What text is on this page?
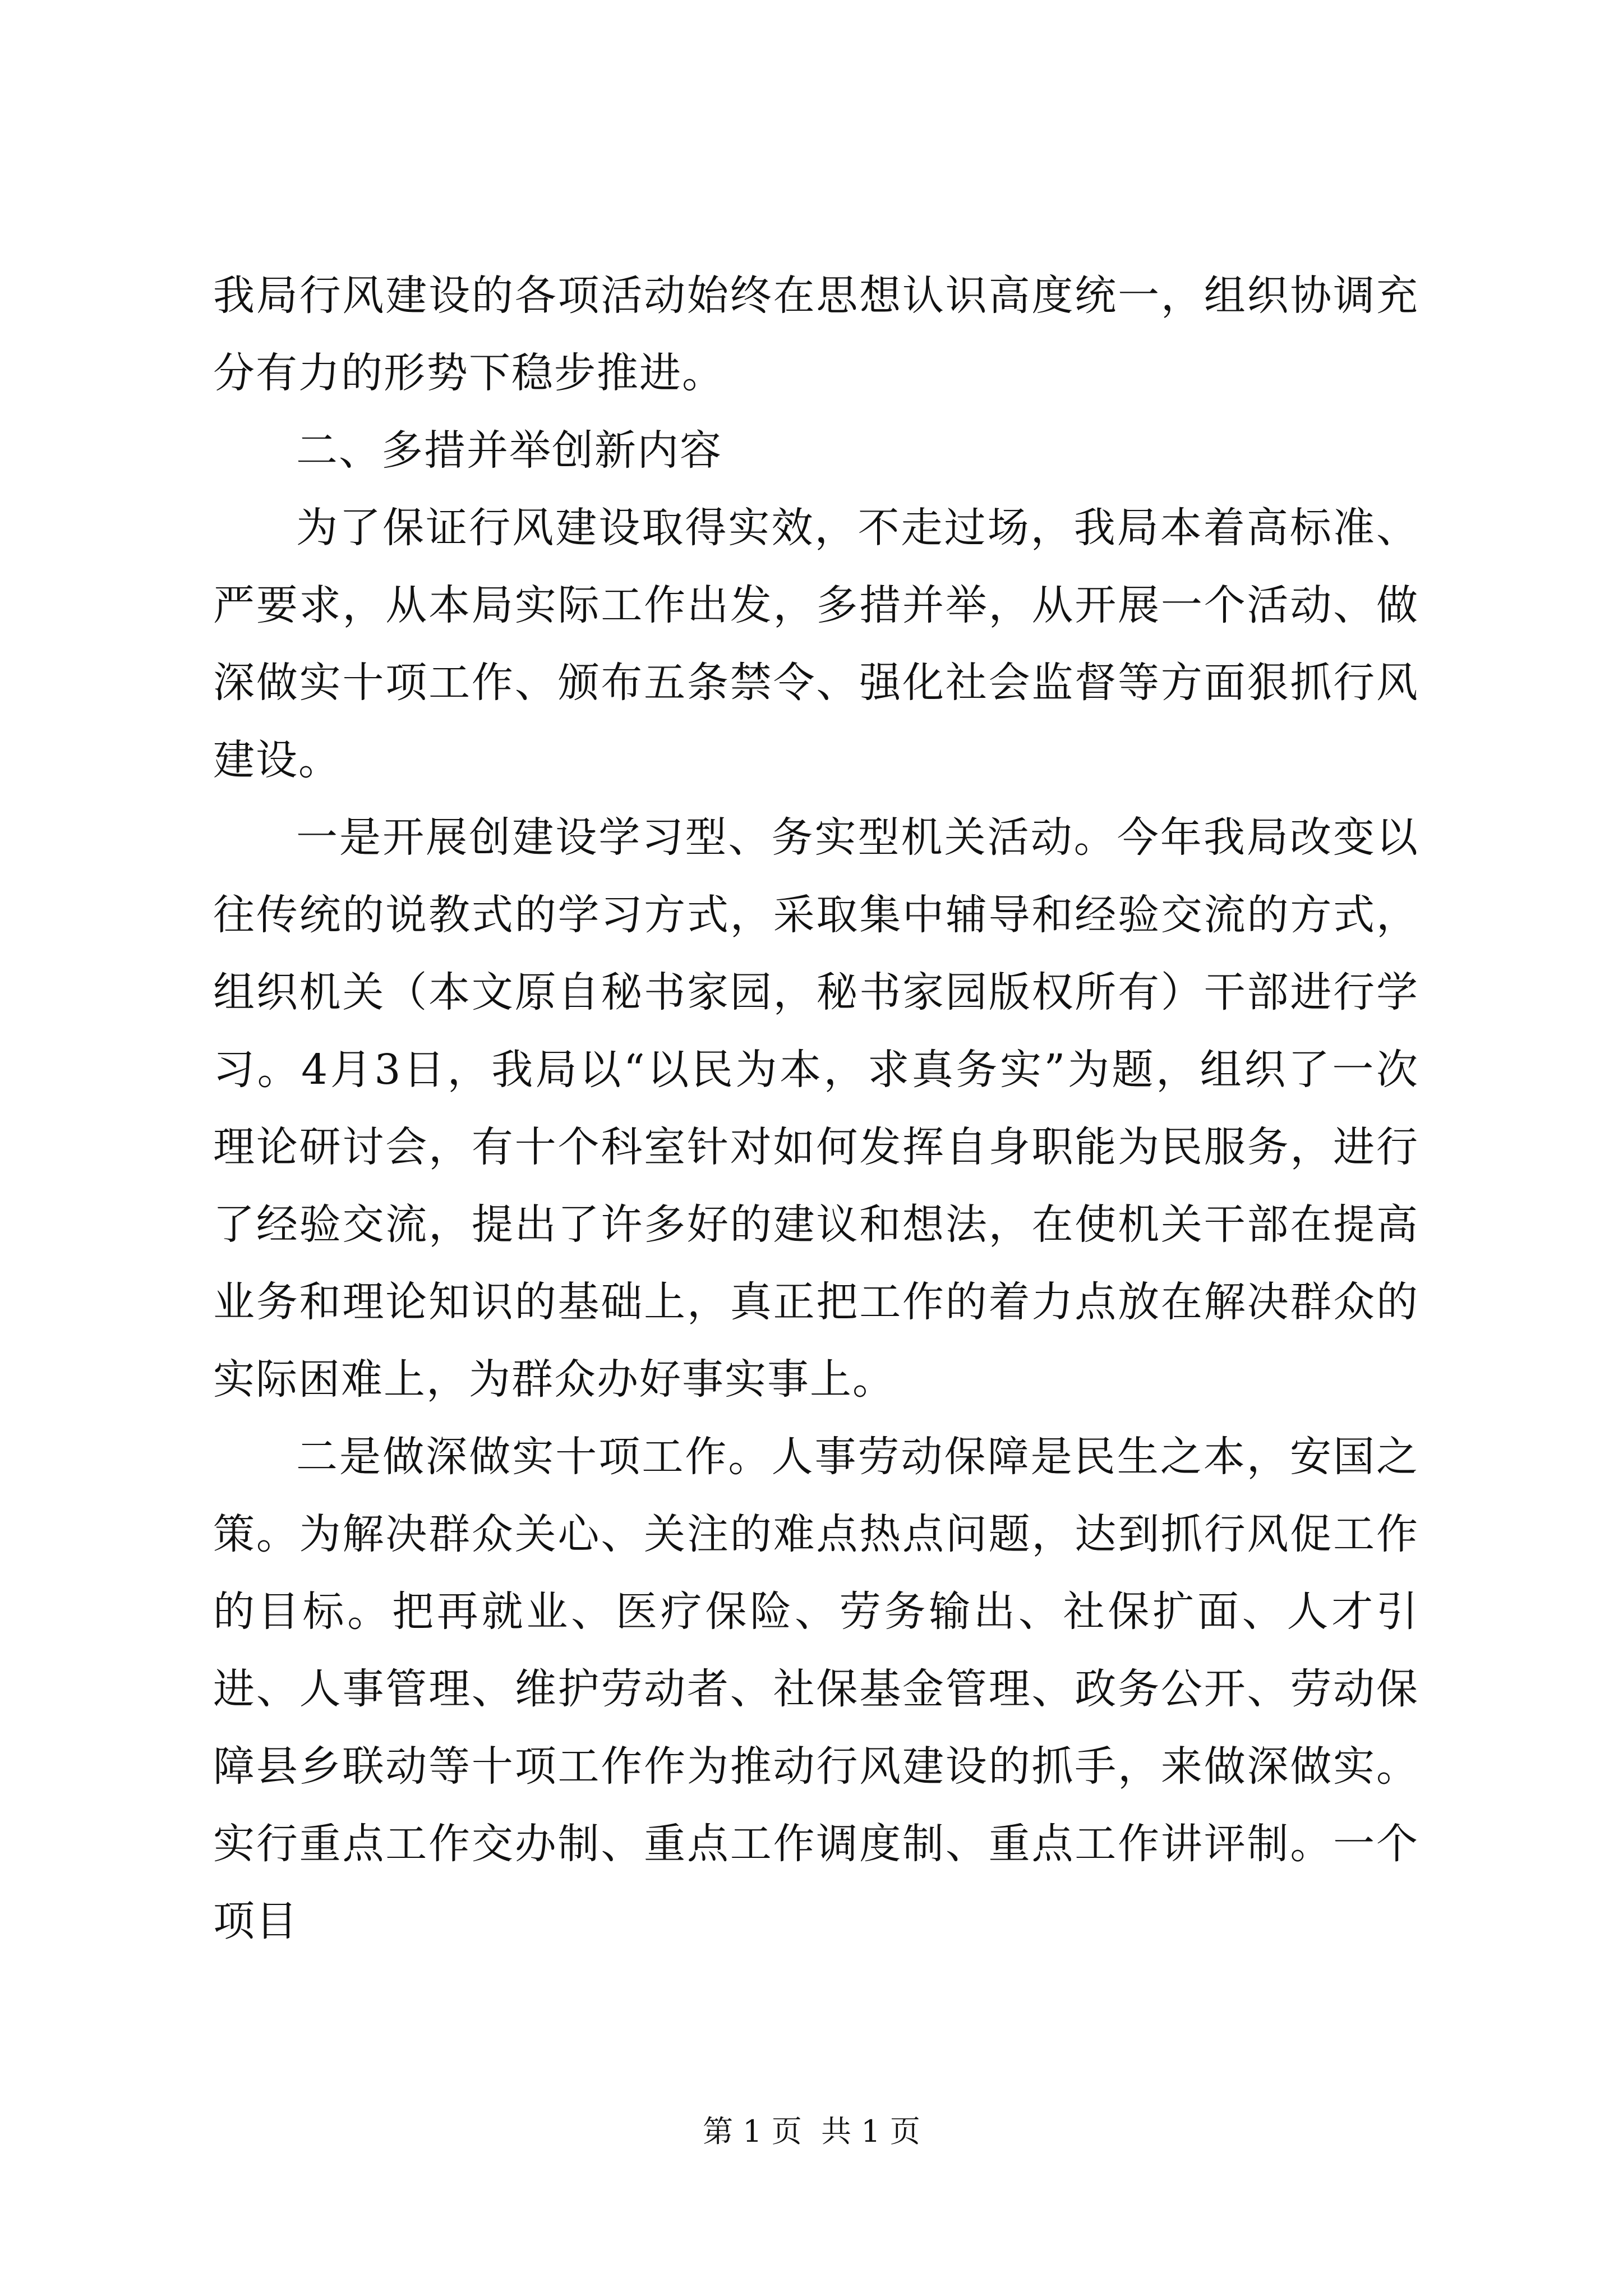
我局行风建设的各项活动始终在思想认识高度统一，组织协调充分有力的形势下稳步推进。

二、多措并举创新内容

为了保证行风建设取得实效，不走过场，我局本着高标准、严要求，从本局实际工作出发，多措并举，从开展一个活动、做深做实十项工作、颁布五条禁令、强化社会监督等方面狠抓行风建设。

一是开展创建设学习型、务实型机关活动。今年我局改变以往传统的说教式的学习方式，采取集中辅导和经验交流的方式，组织机关（本文原自秘书家园，秘书家园版权所有）干部进行学习。4月3日，我局以“以民为本，求真务实”为题，组织了一次理论研讨会，有十个科室针对如何发挥自身职能为民服务，进行了经验交流，提出了许多好的建议和想法，在使机关干部在提高业务和理论知识的基础上，真正把工作的着力点放在解决群众的实际困难上，为群众办好事实事上。

二是做深做实十项工作。人事劳动保障是民生之本，安国之策。为解决群众关心、关注的难点热点问题，达到抓行风促工作的目标。把再就业、医疗保险、劳务输出、社保扩面、人才引进、人事管理、维护劳动者、社保基金管理、政务公开、劳动保障县乡联动等十项工作作为推动行风建设的抓手，来做深做实。实行重点工作交办制、重点工作调度制、重点工作讲评制。一个项目

第 1 页  共 1 页
